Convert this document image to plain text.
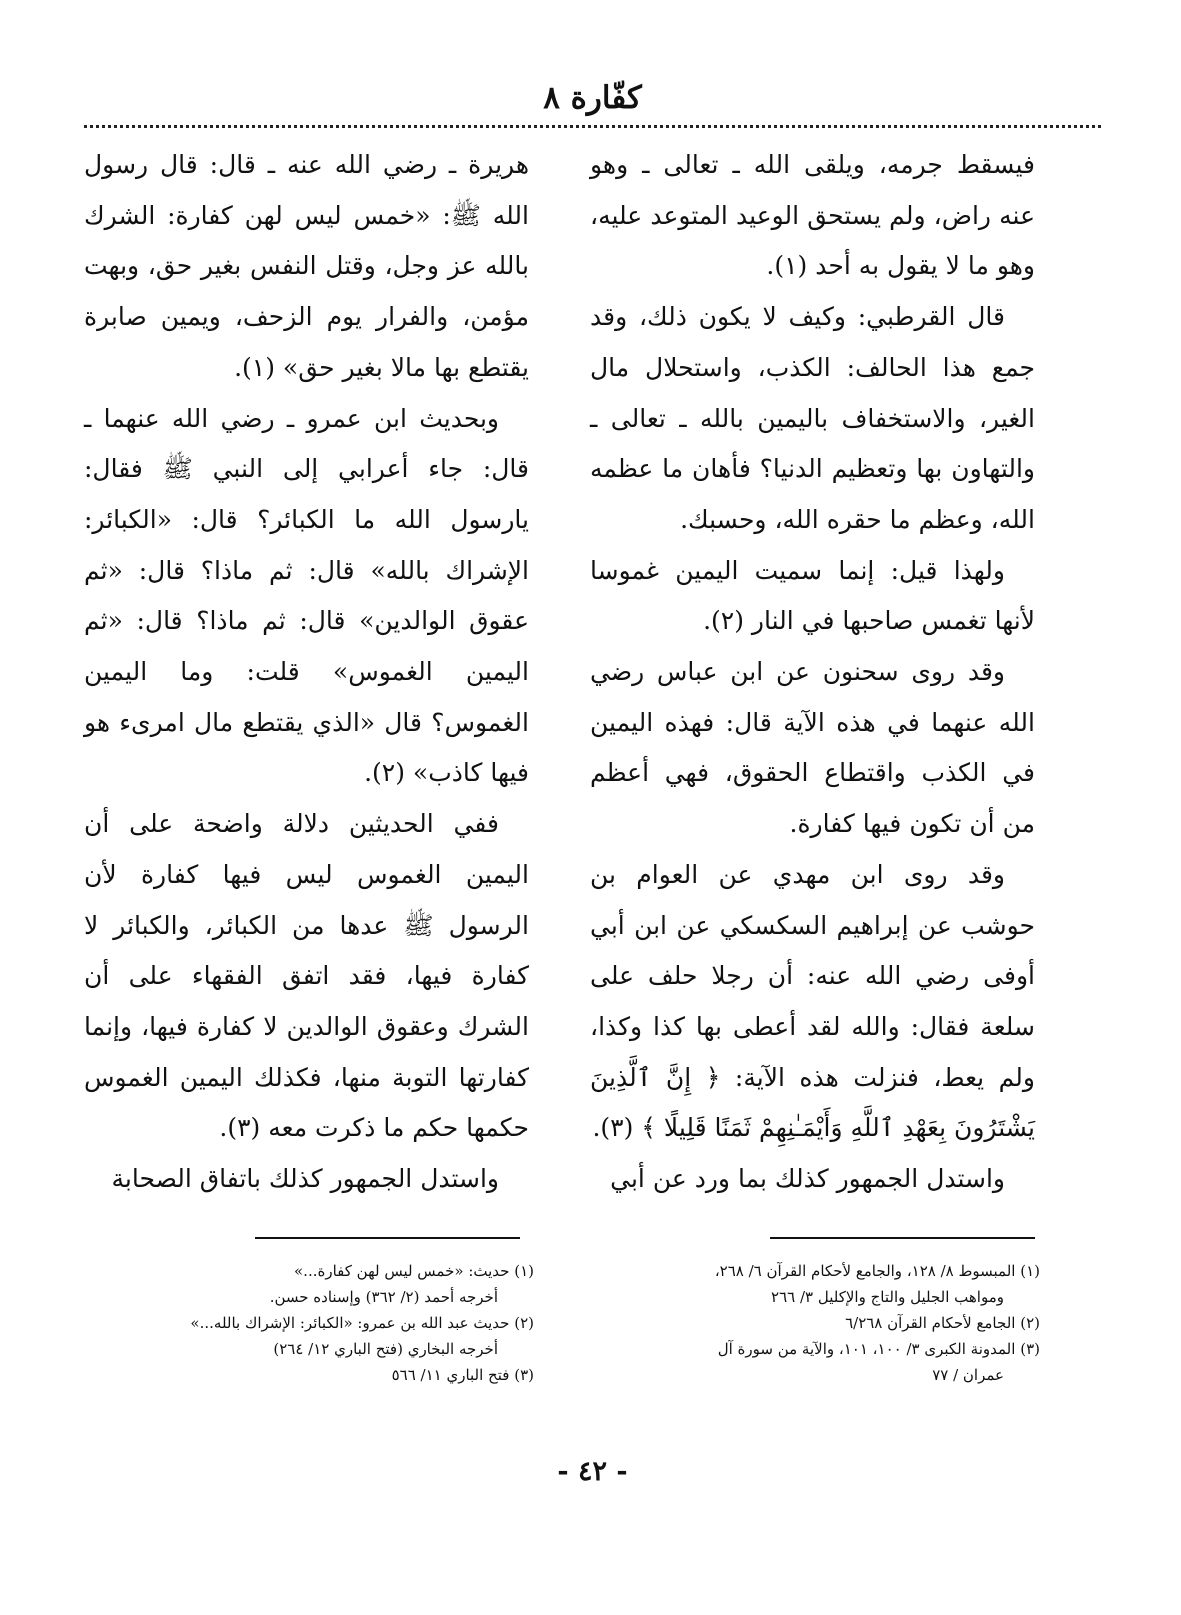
كفّارة ٨

فيسقط جرمه، ويلقى الله ـ تعالى ـ وهو عنه راض، ولم يستحق الوعيد المتوعد عليه، وهو ما لا يقول به أحد (١).

قال القرطبي: وكيف لا يكون ذلك، وقد جمع هذا الحالف: الكذب، واستحلال مال الغير، والاستخفاف باليمين بالله ـ تعالى ـ والتهاون بها وتعظيم الدنيا؟ فأهان ما عظمه الله، وعظم ما حقره الله، وحسبك.

ولهذا قيل: إنما سميت اليمين غموسا لأنها تغمس صاحبها في النار (٢).

وقد روى سحنون عن ابن عباس رضي الله عنهما في هذه الآية قال: فهذه اليمين في الكذب واقتطاع الحقوق، فهي أعظم من أن تكون فيها كفارة.

وقد روى ابن مهدي عن العوام بن حوشب عن إبراهيم السكسكي عن ابن أبي أوفى رضي الله عنه: أن رجلا حلف على سلعة فقال: والله لقد أعطى بها كذا وكذا، ولم يعط، فنزلت هذه الآية: ﴿ إِنَّ ٱلَّذِينَ يَشْتَرُونَ بِعَهْدِ ٱللَّهِ وَأَيْمَـٰنِهِمْ ثَمَنًا قَلِيلًا ﴾ (٣).

واستدل الجمهور كذلك بما ورد عن أبي

هريرة ـ رضي الله عنه ـ قال: قال رسول الله ﷺ: «خمس ليس لهن كفارة: الشرك بالله عز وجل، وقتل النفس بغير حق، وبهت مؤمن، والفرار يوم الزحف، ويمين صابرة يقتطع بها مالا بغير حق» (١).

وبحديث ابن عمرو ـ رضي الله عنهما ـ قال: جاء أعرابي إلى النبي ﷺ فقال: يارسول الله ما الكبائر؟ قال: «الكبائر: الإشراك بالله» قال: ثم ماذا؟ قال: «ثم عقوق الوالدين» قال: ثم ماذا؟ قال: «ثم اليمين الغموس» قلت: وما اليمين الغموس؟ قال «الذي يقتطع مال امرىء هو فيها كاذب» (٢).

ففي الحديثين دلالة واضحة على أن اليمين الغموس ليس فيها كفارة لأن الرسول ﷺ عدها من الكبائر، والكبائر لا كفارة فيها، فقد اتفق الفقهاء على أن الشرك وعقوق الوالدين لا كفارة فيها، وإنما كفارتها التوبة منها، فكذلك اليمين الغموس حكمها حكم ما ذكرت معه (٣).

واستدل الجمهور كذلك باتفاق الصحابة

(١) المبسوط ٨/ ١٢٨، والجامع لأحكام القرآن ٦/ ٢٦٨،

ومواهب الجليل والتاج والإكليل ٣/ ٢٦٦

(٢) الجامع لأحكام القرآن ٦/٢٦٨

(٣) المدونة الكبرى ٣/ ١٠٠، ١٠١، والآية من سورة آل

عمران / ٧٧

(١) حديث: «خمس ليس لهن كفارة...»

أخرجه أحمد (٢/ ٣٦٢) وإسناده حسن.

(٢) حديث عبد الله بن عمرو: «الكبائر: الإشراك بالله...»

أخرجه البخاري (فتح الباري ١٢/ ٢٦٤)

(٣) فتح الباري ١١/ ٥٦٦

- ٤٢ -
